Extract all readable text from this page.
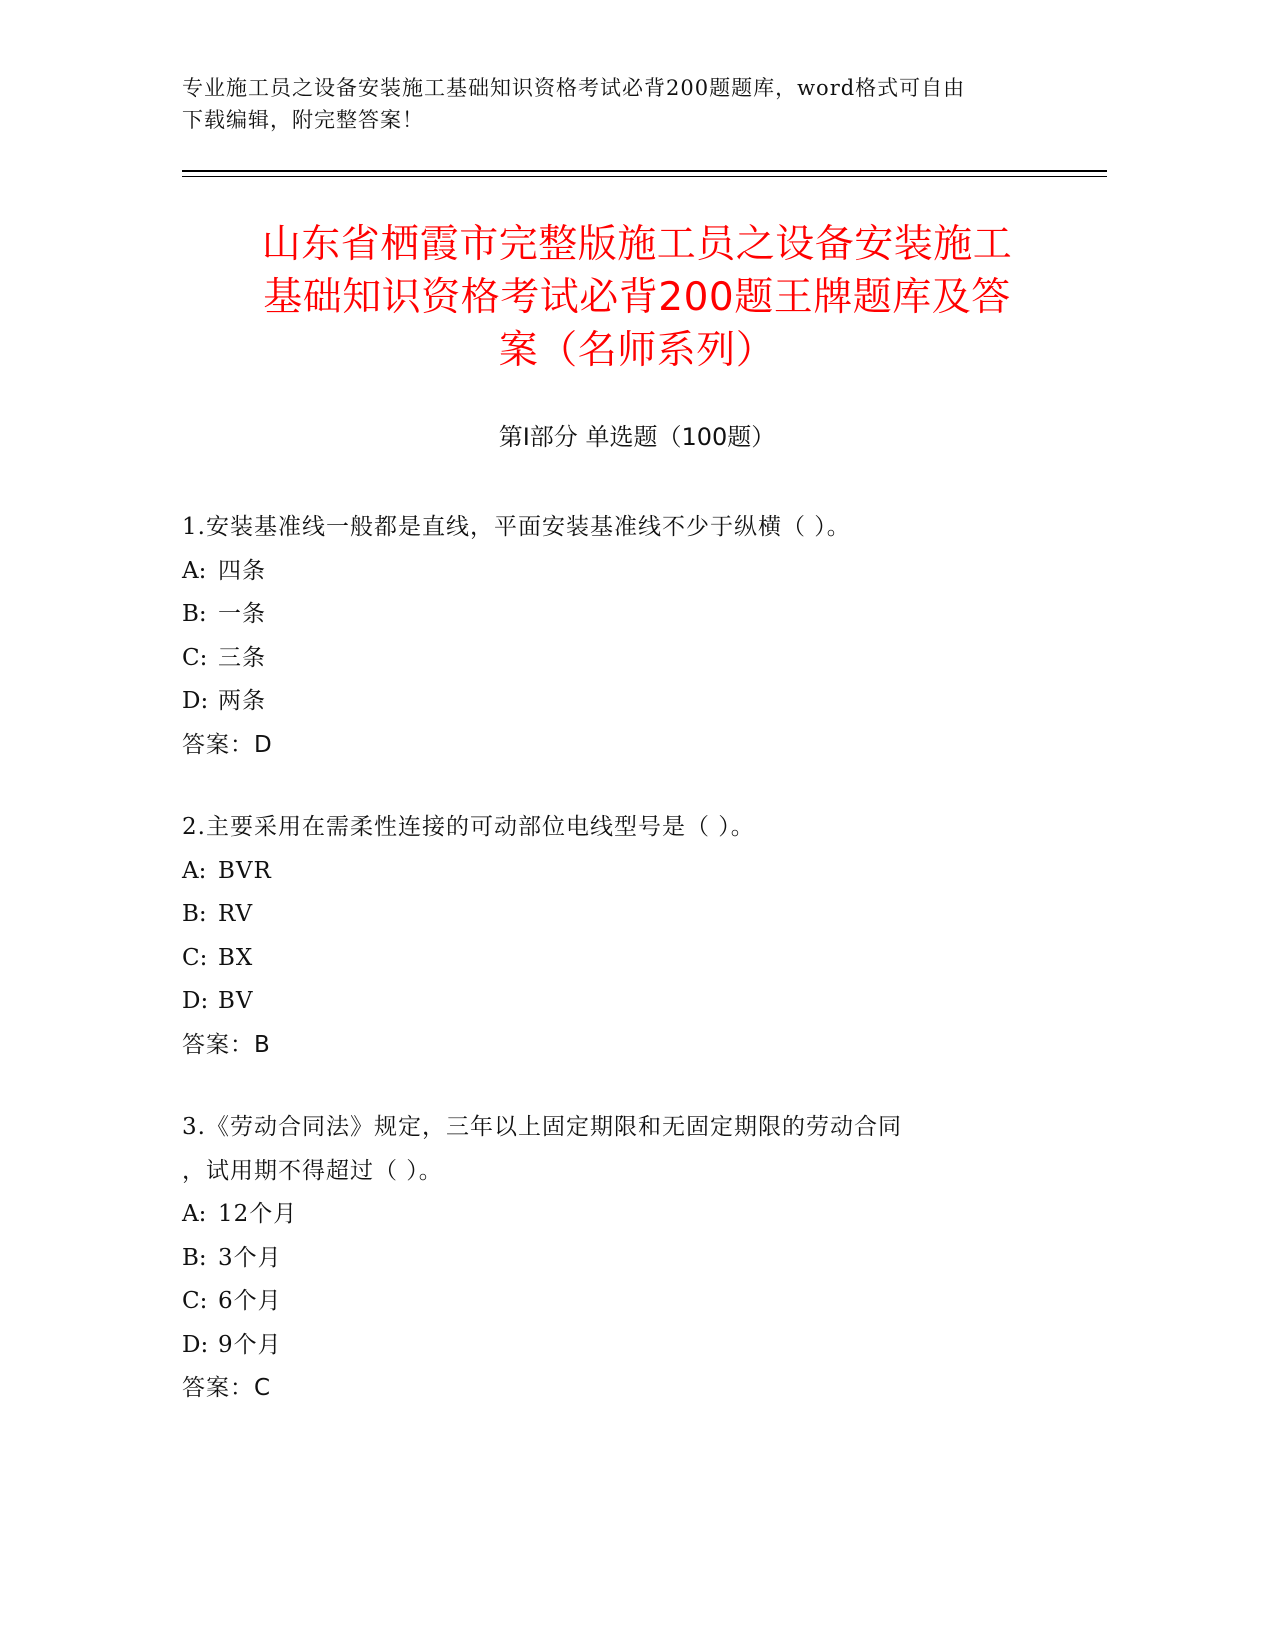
专业施工员之设备安装施工基础知识资格考试必背200题题库，word格式可自由
下载编辑，附完整答案！
山东省栖霞市完整版施工员之设备安装施工
基础知识资格考试必背200题王牌题库及答
案（名师系列）
第Ⅰ部分 单选题（100题）
1.安装基准线一般都是直线，平面安装基准线不少于纵横（ ）。
A: 四条
B: 一条
C: 三条
D: 两条
答案：D
2.主要采用在需柔性连接的可动部位电线型号是（ ）。
A: BVR
B: RV
C: BX
D: BV
答案：B
3.《劳动合同法》规定，三年以上固定期限和无固定期限的劳动合同
，试用期不得超过（ ）。
A: 12个月
B: 3个月
C: 6个月
D: 9个月
答案：C
